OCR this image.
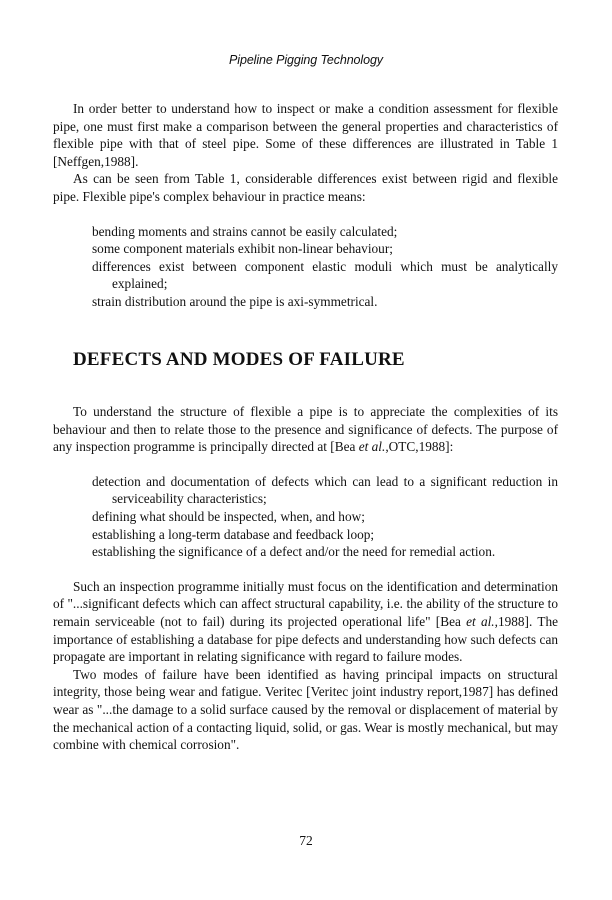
Pipeline Pigging Technology

In order better to understand how to inspect or make a condition assessment for flexible pipe, one must first make a comparison between the general properties and characteristics of flexible pipe with that of steel pipe. Some of these differences are illustrated in Table 1 [Neffgen,1988].

As can be seen from Table 1, considerable differences exist between rigid and flexible pipe. Flexible pipe's complex behaviour in practice means:

bending moments and strains cannot be easily calculated;
some component materials exhibit non-linear behaviour;
differences exist between component elastic moduli which must be analytically explained;
strain distribution around the pipe is axi-symmetrical.
DEFECTS AND MODES OF FAILURE

To understand the structure of flexible a pipe is to appreciate the complexities of its behaviour and then to relate those to the presence and significance of defects. The purpose of any inspection programme is principally directed at [Bea et al.,OTC,1988]:

detection and documentation of defects which can lead to a significant reduction in serviceability characteristics;
defining what should be inspected, when, and how;
establishing a long-term database and feedback loop;
establishing the significance of a defect and/or the need for remedial action.

Such an inspection programme initially must focus on the identification and determination of "...significant defects which can affect structural capability, i.e. the ability of the structure to remain serviceable (not to fail) during its projected operational life" [Bea et al.,1988]. The importance of establishing a database for pipe defects and understanding how such defects can propagate are important in relating significance with regard to failure modes.

Two modes of failure have been identified as having principal impacts on structural integrity, those being wear and fatigue. Veritec [Veritec joint industry report,1987] has defined wear as "...the damage to a solid surface caused by the removal or displacement of material by the mechanical action of a contacting liquid, solid, or gas. Wear is mostly mechanical, but may combine with chemical corrosion".

72
